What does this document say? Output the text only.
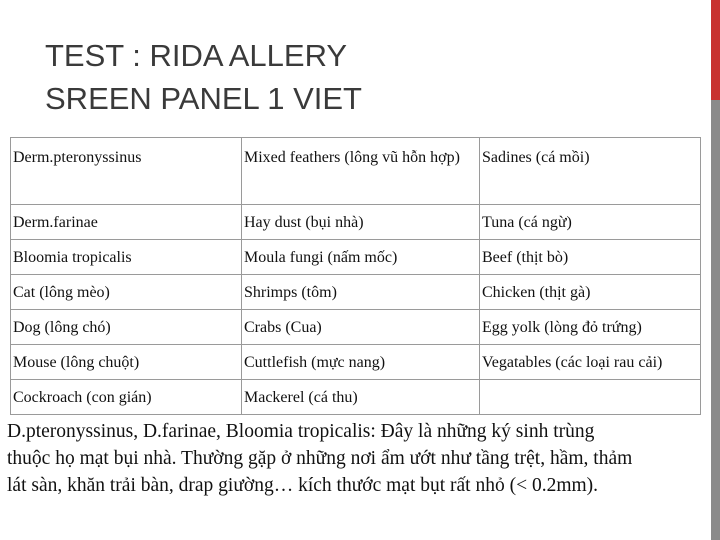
TEST : RIDA ALLERY
SREEN PANEL 1 VIET
Derm.pteronyssinus	Mixed feathers (lông vũ hỗn hợp)	Sadines (cá mồi)
Derm.farinae	Hay dust (bụi nhà)	Tuna (cá ngừ)
Bloomia tropicalis	Moula fungi (nấm mốc)	Beef (thịt bò)
Cat (lông mèo)	Shrimps (tôm)	Chicken (thịt gà)
Dog (lông chó)	Crabs (Cua)	Egg yolk (lòng đỏ trứng)
Mouse (lông chuột)	Cuttlefish (mực nang)	Vegatables (các loại rau cải)
Cockroach (con gián)	Mackerel (cá thu)	
D.pteronyssinus, D.farinae, Bloomia tropicalis: Đây là những ký sinh trùng
thuộc họ mạt bụi nhà. Thường gặp ở những nơi ẩm ướt như tầng trệt, hầm, thảm
lát sàn, khăn trải bàn, drap giường… kích thước mạt bụt rất nhỏ (< 0.2mm).
